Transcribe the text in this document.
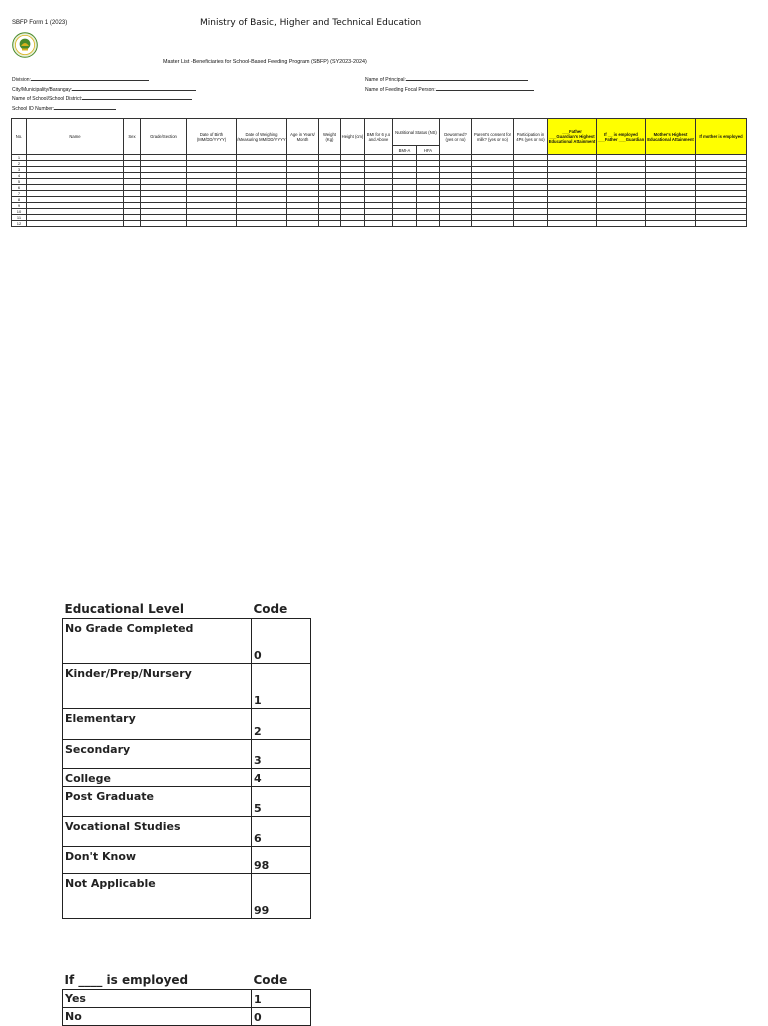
SBFP Form 1 (2023)	Ministry of Basic, Higher and Technical Education
Master List -Beneficiaries for School-Based Feeding Program (SBFP) (SY2023-2024)
Division:
City/Municipality/Barangay:
Name of School/School District:
School ID Number:
Name of Principal:
Name of Feeding Focal Person:
No.	Name	Sex	Grade/Section	Date of Birth (MM/DD/YYYY)	Date of Weighing /Measuring MM/DD/YYYY	Age in Years/ Month	Weight (Kg)	Height (cm)	BMI for 6 y.o and Above	Nutritional Status (NS)		Dewormed? (yes or no)	Parent's consent for milk? (yes or no)	Participation in 4Ps (yes or no)	___Father ___Guardian's Highest Educational Attainment	If __ is employed ___Father ___Guardian	Mother's Highest Educational Attainment	If mother is employed
										BMI-A	HFA							
1																		
2																		
3																		
4																		
5																		
6																		
7																		
8																		
9																		
10																		
11																		
12																		
Educational Level	Code
No Grade Completed	0
Kinder/Prep/Nursery	1
Elementary	2
Secondary	3
College	4
Post Graduate	5
Vocational Studies	6
Don't Know	98
Not Applicable	99
If ____ is employed	Code
Yes	1
No	0
